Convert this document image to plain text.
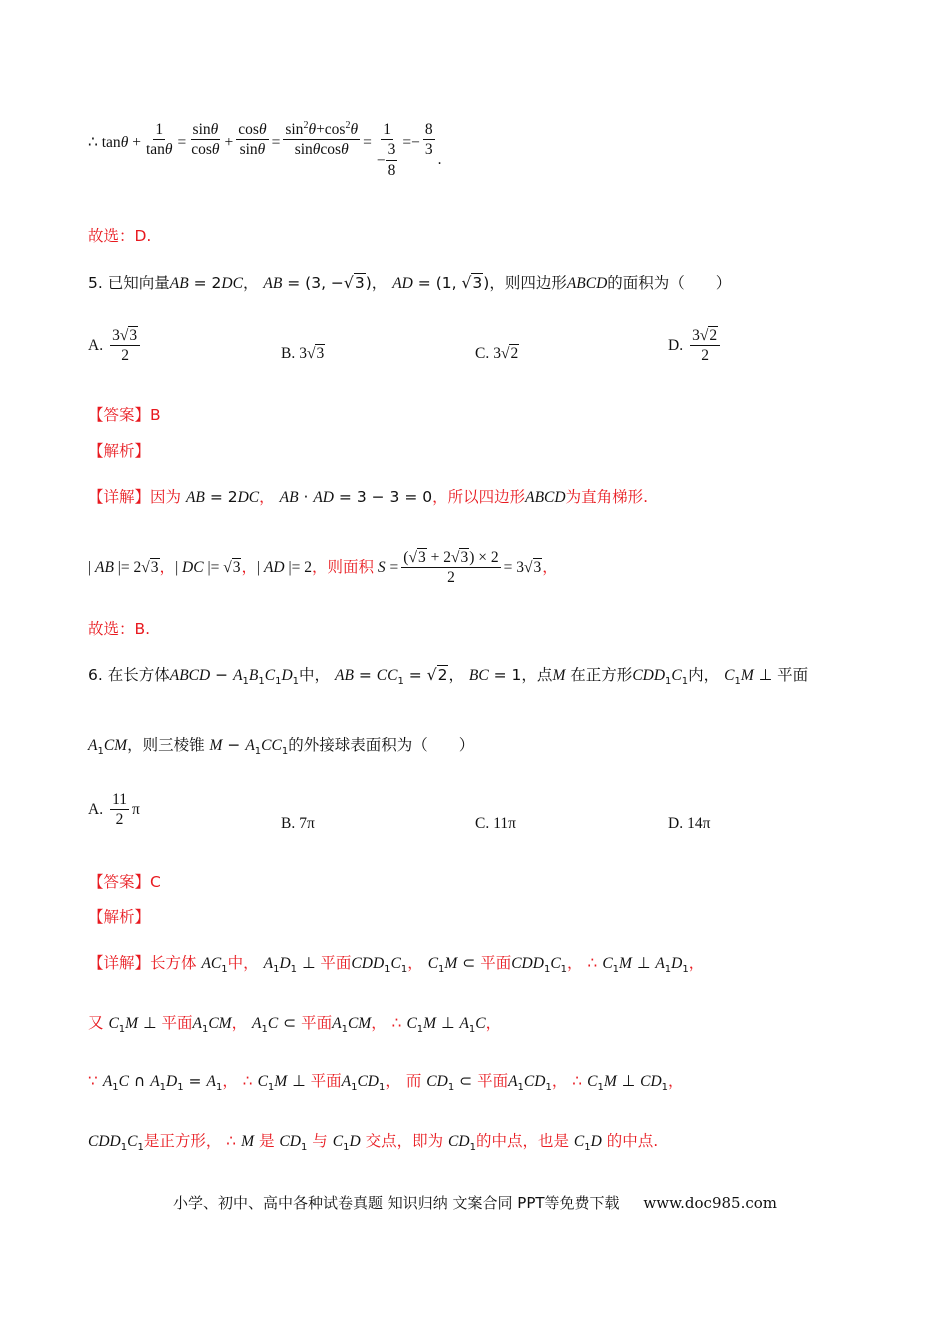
∴ $\tan\theta + \frac{1}{\tan\theta} = \frac{\sin\theta}{\cos\theta} + \frac{\cos\theta}{\sin\theta} = \frac{\sin^2\theta+\cos^2\theta}{\sin\theta\cos\theta} = \frac{1}{- \frac{3}{8}}$ = − $\frac{8}{3}$ .
故选：D.
5. 已知向量AB = 2DC， AB = (3, −√3)， AD = (1, √3)，则四边形ABCD的面积为（　　）
A. $\frac{3√3}{2}$	B. 3√3	C. 3√2	D. $\frac{3√2}{2}$
【答案】B
【解析】
【详解】因为 AB = 2DC， AB · AD = 3 − 3 = 0，所以四边形ABCD为直角梯形.
| AB |= 2√3 ， | DC |= √3 ， | AD |= 2 ，则面积 $S = \frac{(√3 + 2√3) \times 2}{2} = 3√3$ ，
故选：B.
6. 在长方体ABCD − $A_1B_1C_1D_1$中， AB = $CC_1 = √2$， BC = 1，点M 在正方形$CDD_1C_1$内， $C_1M$ ⊥ 平面
$A_1CM$，则三棱锥 $M - A_1CC_1$的外接球表面积为（　　）
A. $\frac{11}{2}$ π
B. 7π	C. 11π	D. 14π
【答案】C
【解析】
【详解】长方体 $AC_1$中， $A_1D_1$ ⊥ 平面$CDD_1C_1$， $C_1M$ ⊂ 平面$CDD_1C_1$， ∴ $C_1M$ ⊥ $A_1D_1$，
又 $C_1M$ ⊥ 平面$A_1CM$， $A_1C$ ⊂ 平面$A_1CM$， ∴ $C_1M$ ⊥ $A_1C$，
∵ $A_1C$ ∩ $A_1D_1 = A_1$， ∴ $C_1M$ ⊥ 平面$A_1CD_1$， 而 $CD_1$ ⊂ 平面$A_1CD_1$， ∴ $C_1M$ ⊥ $CD_1$，
$CDD_1C_1$是正方形， ∴ M 是 $CD_1$ 与 $C_1D$ 交点，即为 $CD_1$的中点，也是 $C_1D$ 的中点.
小学、初中、高中各种试卷真题 知识归纳 文案合同 PPT等免费下载 www.doc985.com
